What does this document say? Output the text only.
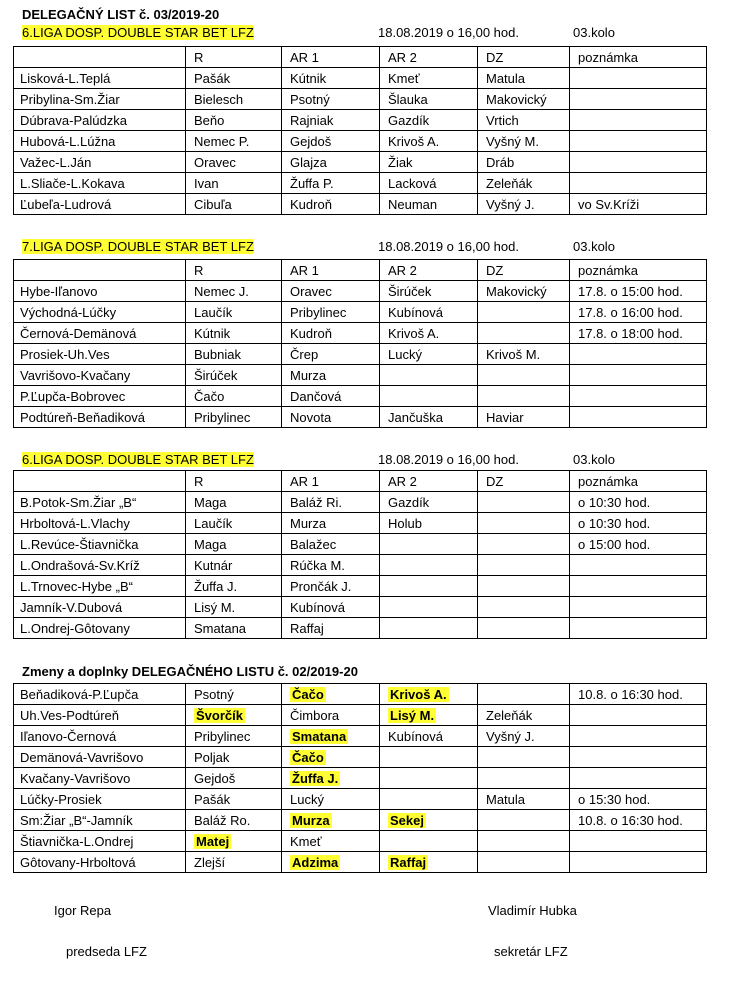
DELEGAČNÝ LIST č. 03/2019-20
6.LIGA DOSP. DOUBLE STAR BET LFZ	18.08.2019 o 16,00 hod.	03.kolo
	R	AR 1	AR 2	DZ	poznámka
Lisková-L.Teplá	Pašák	Kútnik	Kmeť	Matula	
Pribylina-Sm.Žiar	Bielesch	Psotný	Šlauka	Makovický	
Dúbrava-Palúdzka	Beňo	Rajniak	Gazdík	Vrtich	
Hubová-L.Lúžna	Nemec P.	Gejdoš	Krivoš A.	Vyšný M.	
Važec-L.Ján	Oravec	Glajza	Žiak	Dráb	
L.Sliače-L.Kokava	Ivan	Žuffa P.	Lacková	Zeleňák	
Ľubeľa-Ludrová	Cibuľa	Kudroň	Neuman	Vyšný J.	vo Sv.Kríži
7.LIGA DOSP. DOUBLE STAR BET LFZ	18.08.2019 o 16,00 hod.	03.kolo
	R	AR 1	AR 2	DZ	poznámka
Hybe-Iľanovo	Nemec J.	Oravec	Širúček	Makovický	17.8. o 15:00 hod.
Východná-Lúčky	Laučík	Pribylinec	Kubínová		17.8. o 16:00 hod.
Černová-Demänová	Kútnik	Kudroň	Krivoš A.		17.8. o 18:00 hod.
Prosiek-Uh.Ves	Bubniak	Črep	Lucký	Krivoš M.	
Vavrišovo-Kvačany	Širúček	Murza			
P.Ľupča-Bobrovec	Čačo	Dančová			
Podtúreň-Beňadiková	Pribylinec	Novota	Jančuška	Haviar	
6.LIGA DOSP. DOUBLE STAR BET LFZ	18.08.2019 o 16,00 hod.	03.kolo
	R	AR 1	AR 2	DZ	poznámka
B.Potok-Sm.Žiar „B“	Maga	Baláž Ri.	Gazdík		o 10:30 hod.
Hrboltová-L.Vlachy	Laučík	Murza	Holub		o 10:30 hod.
L.Revúce-Štiavnička	Maga	Balažec			o 15:00 hod.
L.Ondrašová-Sv.Kríž	Kutnár	Rúčka M.			
L.Trnovec-Hybe „B“	Žuffa J.	Prončák J.			
Jamník-V.Dubová	Lisý M.	Kubínová			
L.Ondrej-Gôtovany	Smatana	Raffaj			
Zmeny a doplnky DELEGAČNÉHO LISTU č. 02/2019-20
Beňadiková-P.Ľupča	Psotný	Čačo	Krivoš A.		10.8. o 16:30 hod.
Uh.Ves-Podtúreň	Švorčík	Čimbora	Lisý M.	Zeleňák	
Iľanovo-Černová	Pribylinec	Smatana	Kubínová	Vyšný J.	
Demänová-Vavrišovo	Poljak	Čačo			
Kvačany-Vavrišovo	Gejdoš	Žuffa J.			
Lúčky-Prosiek	Pašák	Lucký		Matula	o 15:30 hod.
Sm:Žiar „B“-Jamník	Baláž Ro.	Murza	Sekej		10.8. o 16:30 hod.
Štiavnička-L.Ondrej	Matej	Kmeť			
Gôtovany-Hrboltová	Zlejší	Adzima	Raffaj		
Igor Repa
predseda LFZ
Vladimír Hubka
sekretár LFZ
